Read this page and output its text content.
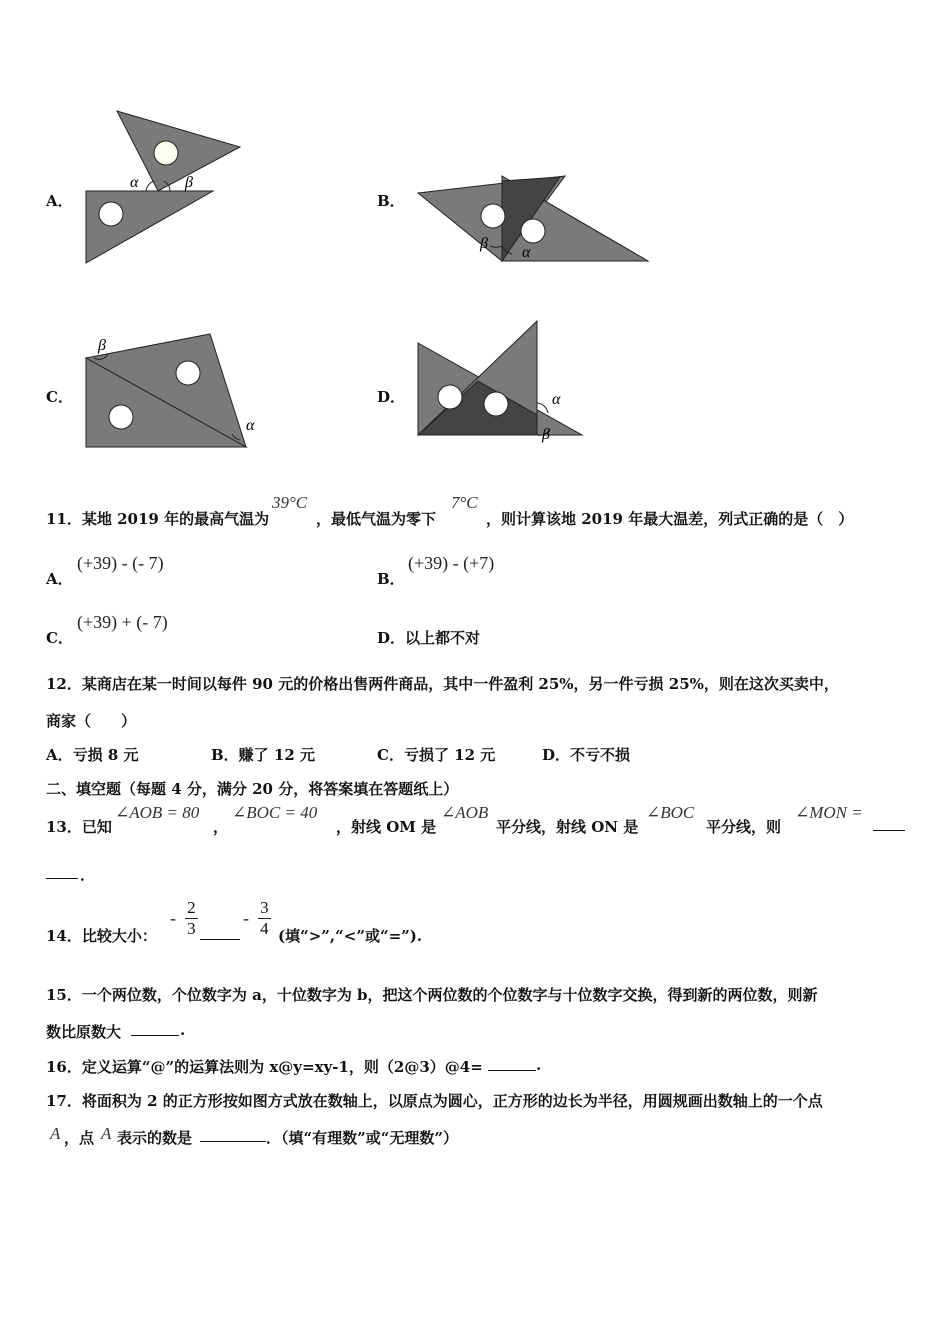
A．
α	β
B．
β
α
C．
β
α
D．	α
β
11．某地 2019 年的最高气温为
39°C
，最低气温为零下
7°C
，则计算该地 2019 年最大温差，列式正确的是（　）
A．
(+39) - (- 7)
B．
(+39) - (+7)
C．
(+39) + (- 7)
D． 以上都不对
12．某商店在某一时间以每件 90 元的价格出售两件商品，其中一件盈利 25%，另一件亏损 25%，则在这次买卖中，
商家（　　）
A．亏损 8 元	B．赚了 12 元	C．亏损了 12 元	D．不亏不损
二、填空题（每题 4 分，满分 20 分，将答案填在答题纸上）
13．已知
∠AOB = 80
，
∠BOC = 40
，射线 OM 是
∠AOB
平分线，射线 ON 是
∠BOC
平分线，则
∠MON =
．
14．比较大小：
- $\frac{2}{3}$	- $\frac{3}{4}$ (填“>”,“<”或“=”).
15．一个两位数，个位数字为 a，十位数字为 b，把这个两位数的个位数字与十位数字交换，得到新的两位数，则新
数比原数大	.
16．定义运算“@”的运算法则为 x@y=xy-1，则（2@3）@4=	.
17．将面积为 2 的正方形按如图方式放在数轴上，以原点为圆心，正方形的边长为半径，用圆规画出数轴上的一个点
A ，点 A 表示的数是	．（填“有理数”或“无理数”）
